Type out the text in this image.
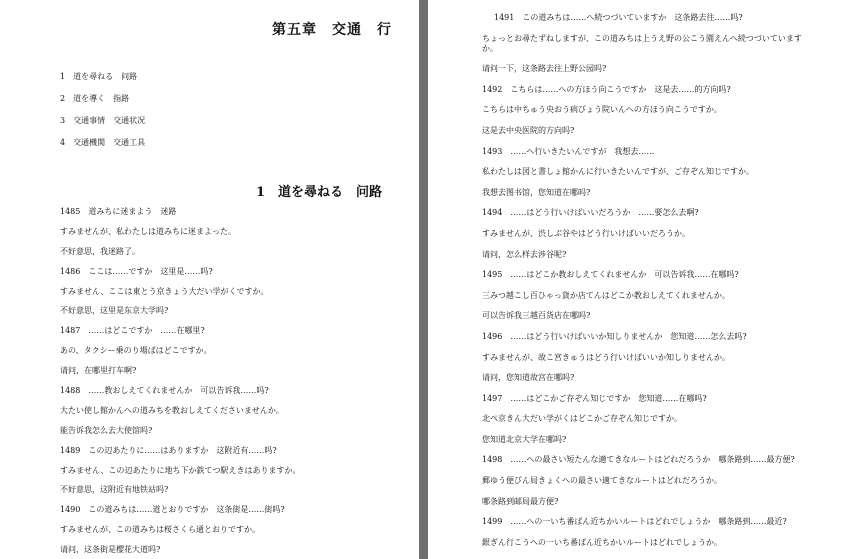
第五章　交通　行
1　道を尋ねる　问路
2　道を導く　指路
3　交通事情　交通状况
4　交通機関　交通工具
1　道を尋ねる　问路
1485　道みちに迷まよう　迷路
すみませんが、私わたしは道みちに迷まよった。
不好意思，我迷路了。
1486　ここは……ですか　这里是……吗?
すみません、ここは東とう京きょう大だい学がくですか。
不好意思，这里是东京大学吗?
1487　……はどこですか　……在哪里?
あの、タクシー乗のり場ばはどこですか。
请问，在哪里打车啊?
1488　……教おしえてくれませんか　可以告诉我……吗?
大たい使し館かんへの道みちを教おしえてくださいませんか。
能告诉我怎么去大使馆吗?
1489　この辺あたりに……はありますか　这附近有……吗?
すみません、この辺あたりに地ち下か鉄てつ駅えきはありますか。
不好意思，这附近有地铁站吗?
1490　この道みちは……道とおりですか　这条街是……街吗?
すみませんが、この道みちは桜さくら通とおりですか。
请问，这条街是樱花大道吗?
1491　この道みちは……へ続つづいていますか　这条路去往……吗?
ちょっとお尋たずねしますが、この道みちは上うえ野の公こう園えんへ続つづいていますか。
请问一下，这条路去往上野公园吗?
1492　こちらは……への方ほう向こうですか　这是去……的方向吗?
こちらは中ちゅう央おう病びょう院いんへの方ほう向こうですか。
这是去中央医院的方向吗?
1493　……へ行いきたいんですが　我想去……
私わたしは図と書しょ館かんに行いきたいんですが、ご存ぞん知じですか。
我想去图书馆，您知道在哪吗?
1494　……はどう行いけばいいだろうか　……要怎么去啊?
すみませんが、渋しぶ谷やはどう行いけばいいだろうか。
请问，怎么样去涉谷呢?
1495　……はどこか教おしえてくれませんか　可以告诉我……在哪吗?
三みつ越こし百ひゃっ貨か店てんはどこか教おしえてくれませんか。
可以告诉我三越百货店在哪吗?
1496　……はどう行いけばいいか知しりませんか　您知道……怎么去吗?
すみませんが、故こ宮きゅうはどう行いけばいいか知しりませんか。
请问，您知道故宫在哪吗?
1497　……はどこかご存ぞん知じですか　您知道……在哪吗?
北ぺ京きん大だい学がくはどこかご存ぞん知じですか。
您知道北京大学在哪吗?
1498　……への最さい短たんな適てきなルートはどれだろうか　哪条路到……最方便?
郵ゆう便びん局きょくへの最さい適てきなルートはどれだろうか。
哪条路到邮局最方便?
1499　……への一いち番ばん近ちかいルートはどれでしょうか　哪条路到……最近?
銀ぎん行こうへの一いち番ばん近ちかいルートはどれでしょうか。
